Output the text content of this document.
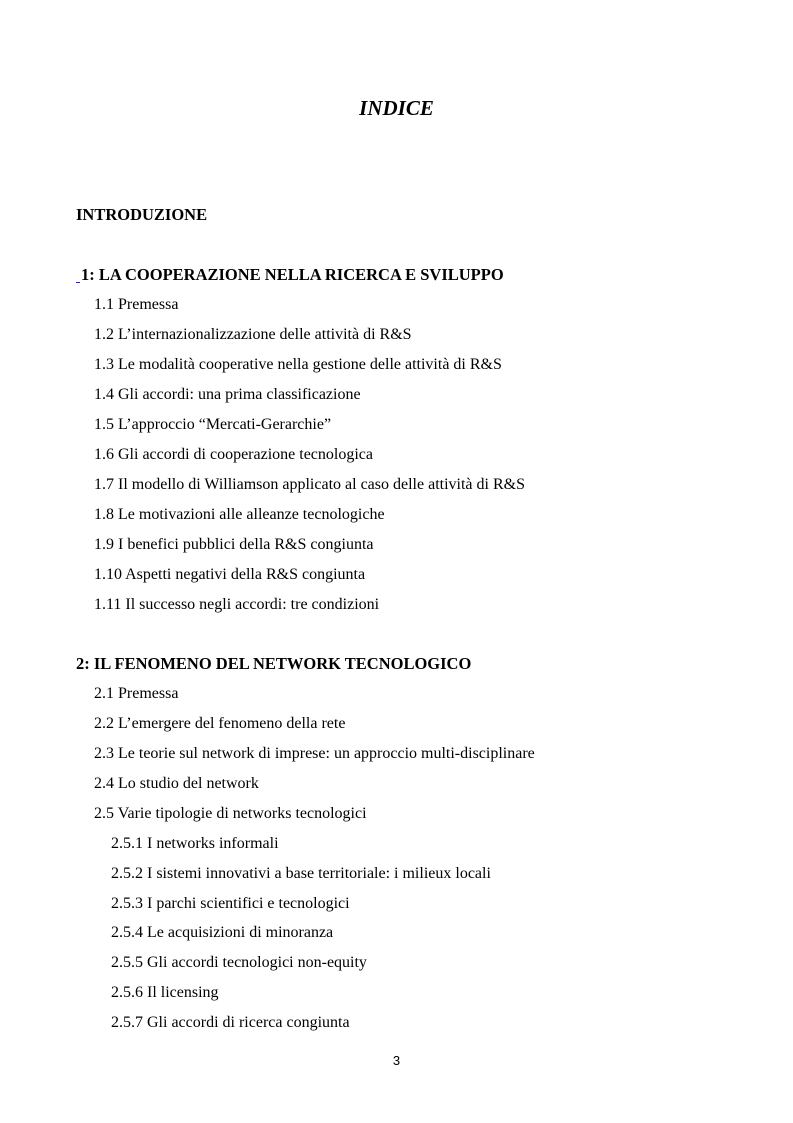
INDICE
INTRODUZIONE
1: LA COOPERAZIONE NELLA RICERCA E SVILUPPO
1.1 Premessa
1.2 L’internazionalizzazione delle attività di R&S
1.3 Le modalità cooperative nella gestione delle attività di R&S
1.4 Gli accordi: una prima classificazione
1.5 L’approccio “Mercati-Gerarchie”
1.6 Gli accordi di cooperazione tecnologica
1.7 Il modello di Williamson applicato al caso delle attività di R&S
1.8 Le motivazioni alle alleanze tecnologiche
1.9 I benefici pubblici della R&S congiunta
1.10 Aspetti negativi della R&S congiunta
1.11 Il successo negli accordi: tre condizioni
2: IL FENOMENO DEL NETWORK TECNOLOGICO
2.1 Premessa
2.2 L’emergere del fenomeno della rete
2.3 Le teorie sul network di imprese: un approccio multi-disciplinare
2.4 Lo studio del network
2.5 Varie tipologie di networks tecnologici
2.5.1 I networks informali
2.5.2 I sistemi innovativi a base territoriale: i milieux locali
2.5.3 I parchi scientifici e tecnologici
2.5.4 Le acquisizioni di minoranza
2.5.5 Gli accordi tecnologici non-equity
2.5.6 Il licensing
2.5.7 Gli accordi di ricerca congiunta
3
